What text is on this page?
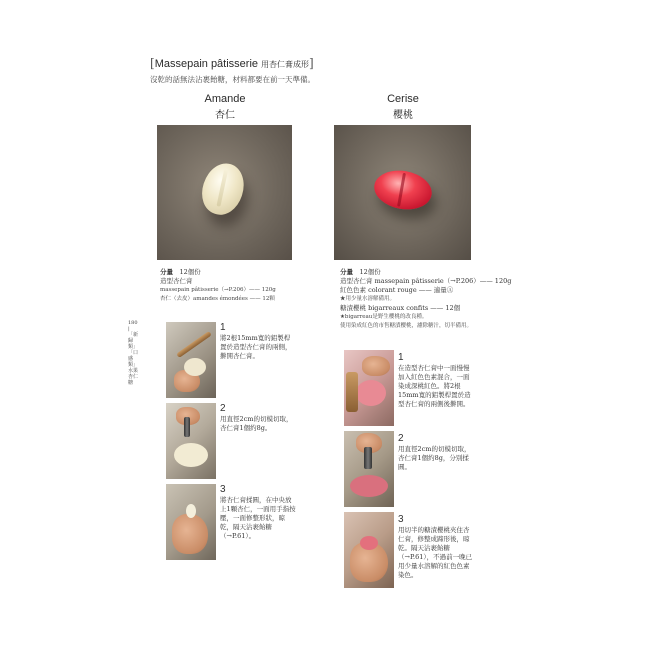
[Massepain pâtisserie 用杏仁膏成形]
沒乾的話無法沾裹飴糖，材料都要在前一天準備。
Amande
杏仁
分量　 12個份
造型杏仁膏
massepain pâtisserie（→P.206）—— 120g
杏仁（去皮）amandes émondées —— 12顆
180 | 「新歸類」「口感類」 水果杏仁糖
1
將2根15mm寬的鋁製桿置於造型杏仁膏的兩側，擀開杏仁膏。
2
用直徑2cm的切模切取，杏仁膏1個約8g。
3
將杏仁膏揉圓，在中央放上1顆杏仁，一面用手指按壓，一面修整形狀，晾乾，隔天沾裹飴糖（→P.61）。
Cerise
櫻桃
分量　 12個份
造型杏仁膏 massepain pâtisserie（→P.206）—— 120g
紅色色素 colorant rouge —— 適量Ⓐ
★用少量水溶解備用。
糖漬櫻桃 bigarreaux confits —— 12個
★bigarreau是野生櫻桃的改良種。
使用染成紅色的市售糖漬櫻桃，濾除糖汁，切半備用。
1
在造型杏仁膏中一面慢慢加入紅色色素混合，一面染成深桃紅色。將2根15mm寬的鋁製桿置於造型杏仁膏的兩側後擀開。
2
用直徑2cm的切模切取，杏仁膏1個約8g，分別揉圓。
3
用切半的糖漬櫻桃夾住杏仁膏，修整成蹄形後，晾乾。隔天沾裹飴糖（→P.61），不過前一晚已用少量水溶解的紅色色素染色。
